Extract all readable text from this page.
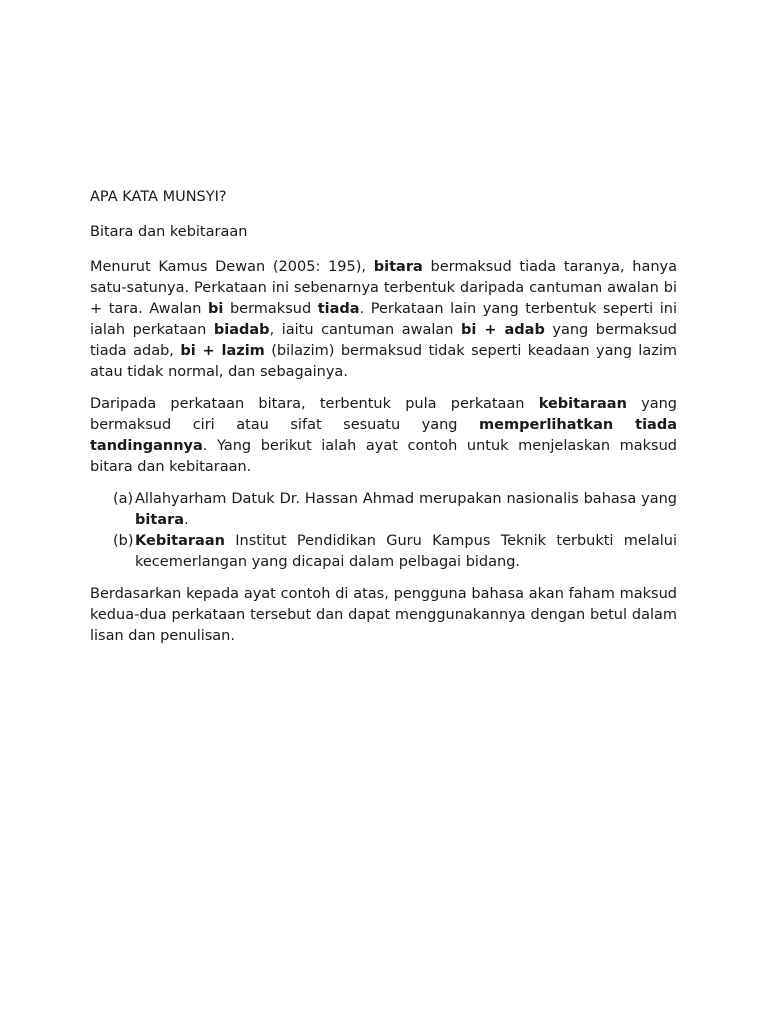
APA KATA MUNSYI?
Bitara dan kebitaraan

Menurut Kamus Dewan (2005: 195), bitara bermaksud tiada taranya, hanya satu-satunya. Perkataan ini sebenarnya terbentuk daripada cantuman awalan bi + tara. Awalan bi bermaksud tiada. Perkataan lain yang terbentuk seperti ini ialah perkataan biadab, iaitu cantuman awalan bi + adab yang bermaksud tiada adab, bi + lazim (bilazim) bermaksud tidak seperti keadaan yang lazim atau tidak normal, dan sebagainya.

Daripada perkataan bitara, terbentuk pula perkataan kebitaraan yang bermaksud ciri atau sifat sesuatu yang memperlihatkan tiada tandingannya. Yang berikut ialah ayat contoh untuk menjelaskan maksud bitara dan kebitaraan.

(a) Allahyarham Datuk Dr. Hassan Ahmad merupakan nasionalis bahasa yang bitara.
(b) Kebitaraan Institut Pendidikan Guru Kampus Teknik terbukti melalui kecemerlangan yang dicapai dalam pelbagai bidang.

Berdasarkan kepada ayat contoh di atas, pengguna bahasa akan faham maksud kedua-dua perkataan tersebut dan dapat menggunakannya dengan betul dalam lisan dan penulisan.
